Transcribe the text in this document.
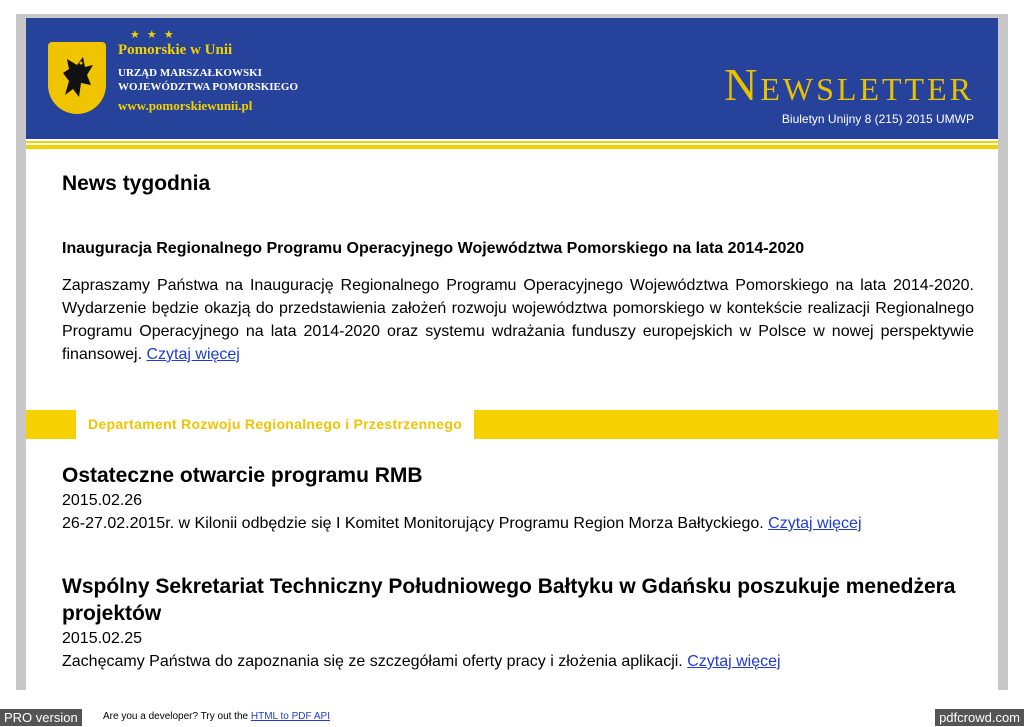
★ ★ ★
Pomorskie w Unii
URZĄD MARSZAŁKOWSKI
WOJEWÓDZTWA POMORSKIEGO
www.pomorskiewunii.pl	Newsletter
Biuletyn Unijny 8 (215) 2015 UMWP
News tygodnia
Inauguracja Regionalnego Programu Operacyjnego Województwa Pomorskiego na lata 2014-2020

Zapraszamy Państwa na Inaugurację Regionalnego Programu Operacyjnego Województwa Pomorskiego na lata 2014-2020. Wydarzenie będzie okazją do przedstawienia założeń rozwoju województwa pomorskiego w kontekście realizacji Regionalnego Programu Operacyjnego na lata 2014-2020 oraz systemu wdrażania funduszy europejskich w Polsce w nowej perspektywie finansowej. Czytaj więcej

Departament Rozwoju Regionalnego i Przestrzennego
Ostateczne otwarcie programu RMB

2015.02.26

26-27.02.2015r. w Kilonii odbędzie się I Komitet Monitorujący Programu Region Morza Bałtyckiego. Czytaj więcej

Wspólny Sekretariat Techniczny Południowego Bałtyku w Gdańsku poszukuje menedżera projektów

2015.02.25

Zachęcamy Państwa do zapoznania się ze szczegółami oferty pracy i złożenia aplikacji. Czytaj więcej

PRO version	Are you a developer? Try out the HTML to PDF API	pdfcrowd.com
